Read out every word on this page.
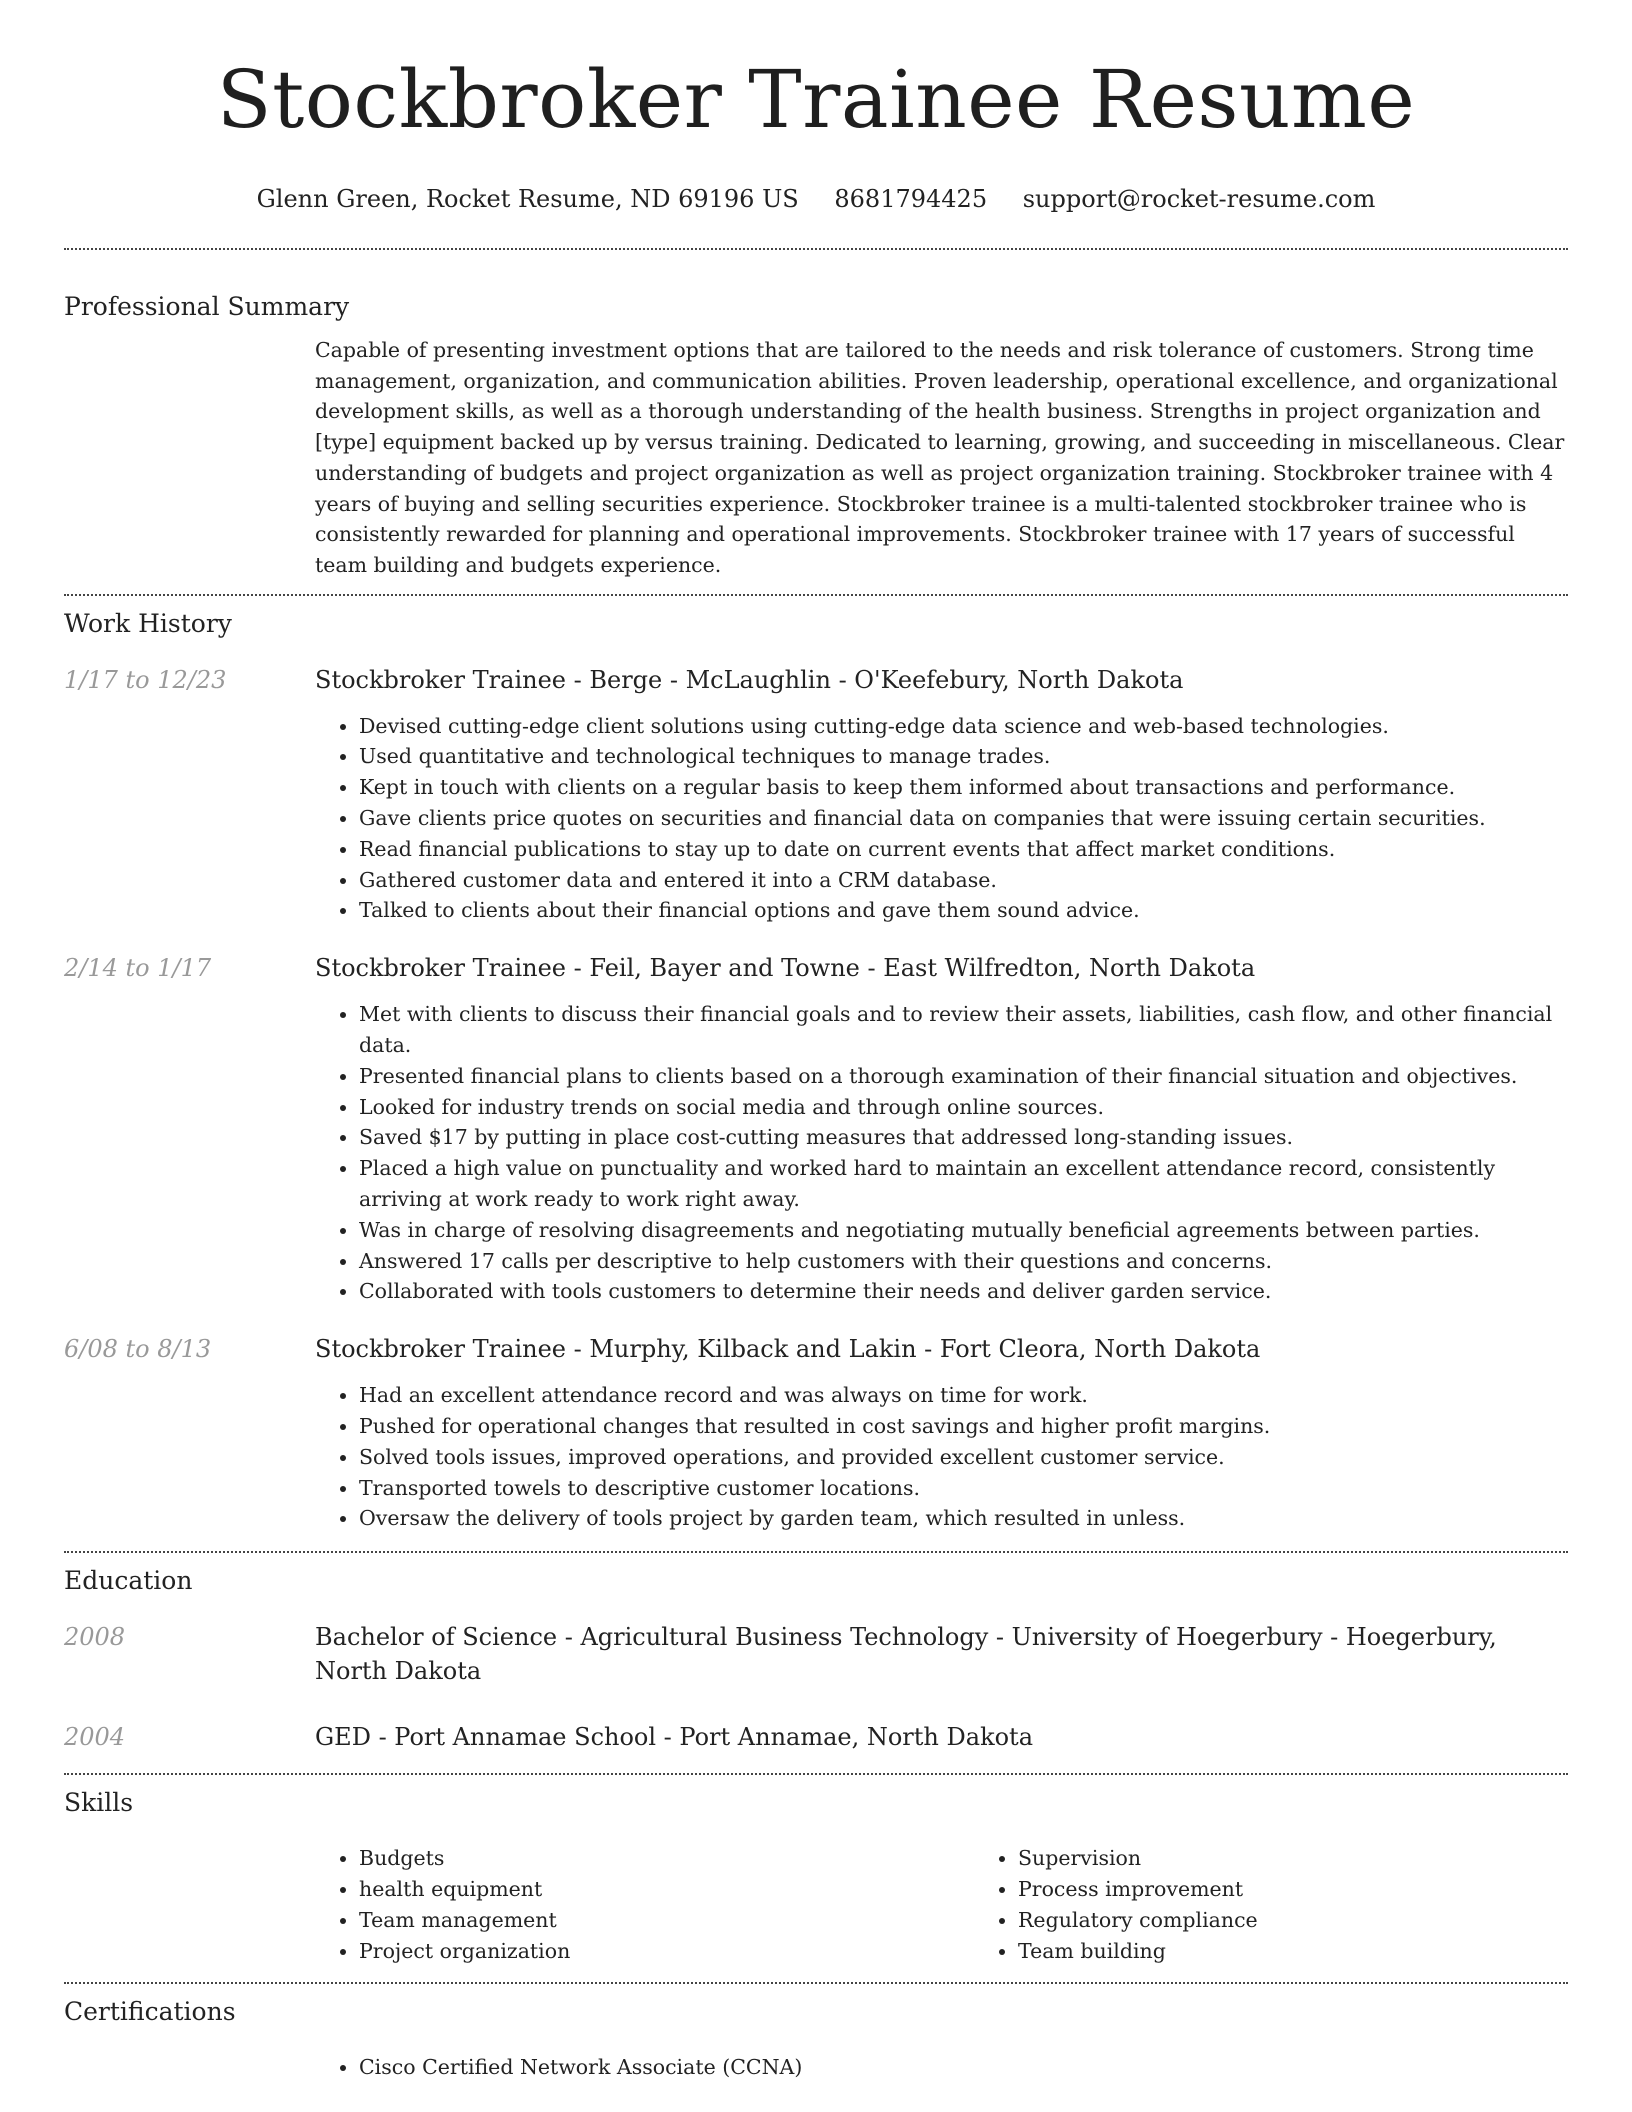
Stockbroker Trainee Resume
Glenn Green, Rocket Resume, ND 69196 US 8681794425 support@rocket-resume.com
Professional Summary

Capable of presenting investment options that are tailored to the needs and risk tolerance of customers. Strong time management, organization, and communication abilities. Proven leadership, operational excellence, and organizational development skills, as well as a thorough understanding of the health business. Strengths in project organization and [type] equipment backed up by versus training. Dedicated to learning, growing, and succeeding in miscellaneous. Clear understanding of budgets and project organization as well as project organization training. Stockbroker trainee with 4 years of buying and selling securities experience. Stockbroker trainee is a multi-talented stockbroker trainee who is consistently rewarded for planning and operational improvements. Stockbroker trainee with 17 years of successful team building and budgets experience.

Work History
1/17 to 12/23	Stockbroker Trainee - Berge - McLaughlin - O'Keefebury, North Dakota
• Devised cutting-edge client solutions using cutting-edge data science and web-based technologies.
• Used quantitative and technological techniques to manage trades.
• Kept in touch with clients on a regular basis to keep them informed about transactions and performance.
• Gave clients price quotes on securities and financial data on companies that were issuing certain securities.
• Read financial publications to stay up to date on current events that affect market conditions.
• Gathered customer data and entered it into a CRM database.
• Talked to clients about their financial options and gave them sound advice.
2/14 to 1/17	Stockbroker Trainee - Feil, Bayer and Towne - East Wilfredton, North Dakota
• Met with clients to discuss their financial goals and to review their assets, liabilities, cash flow, and other financial data.
• Presented financial plans to clients based on a thorough examination of their financial situation and objectives.
• Looked for industry trends on social media and through online sources.
• Saved $17 by putting in place cost-cutting measures that addressed long-standing issues.
• Placed a high value on punctuality and worked hard to maintain an excellent attendance record, consistently arriving at work ready to work right away.
• Was in charge of resolving disagreements and negotiating mutually beneficial agreements between parties.
• Answered 17 calls per descriptive to help customers with their questions and concerns.
• Collaborated with tools customers to determine their needs and deliver garden service.
6/08 to 8/13	Stockbroker Trainee - Murphy, Kilback and Lakin - Fort Cleora, North Dakota
• Had an excellent attendance record and was always on time for work.
• Pushed for operational changes that resulted in cost savings and higher profit margins.
• Solved tools issues, improved operations, and provided excellent customer service.
• Transported towels to descriptive customer locations.
• Oversaw the delivery of tools project by garden team, which resulted in unless.
Education
2008	Bachelor of Science - Agricultural Business Technology - University of Hoegerbury - Hoegerbury, North Dakota
2004	GED - Port Annamae School - Port Annamae, North Dakota
Skills
• Budgets
• health equipment
• Team management
• Project organization
• Supervision
• Process improvement
• Regulatory compliance
• Team building
Certifications
• Cisco Certified Network Associate (CCNA)
